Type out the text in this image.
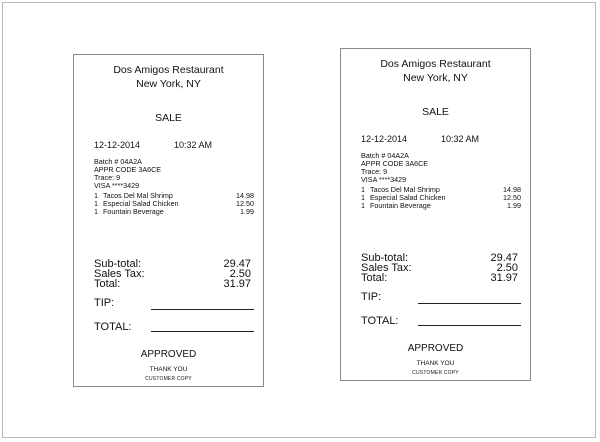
Dos Amigos Restaurant
New York, NY
SALE
12-12-2014	10:32 AM
Batch # 04A2A
APPR CODE 3A6CE
Trace: 9
VISA ****3429
1 Tacos Del Mal Shrimp	14.98
1 Especial Salad Chicken	12.50
1 Fountain Beverage	1.99
Sub-total:	29.47
Sales Tax:	2.50
Total:	31.97
TIP:
TOTAL:
APPROVED
THANK YOU
CUSTOMER COPY
Dos Amigos Restaurant
New York, NY
SALE
12-12-2014	10:32 AM
Batch # 04A2A
APPR CODE 3A6CE
Trace: 9
VISA ****3429
1 Tacos Del Mal Shrimp	14.98
1 Especial Salad Chicken	12.50
1 Fountain Beverage	1.99
Sub-total:	29.47
Sales Tax:	2.50
Total:	31.97
TIP:
TOTAL:
APPROVED
THANK YOU
CUSTOMER COPY
